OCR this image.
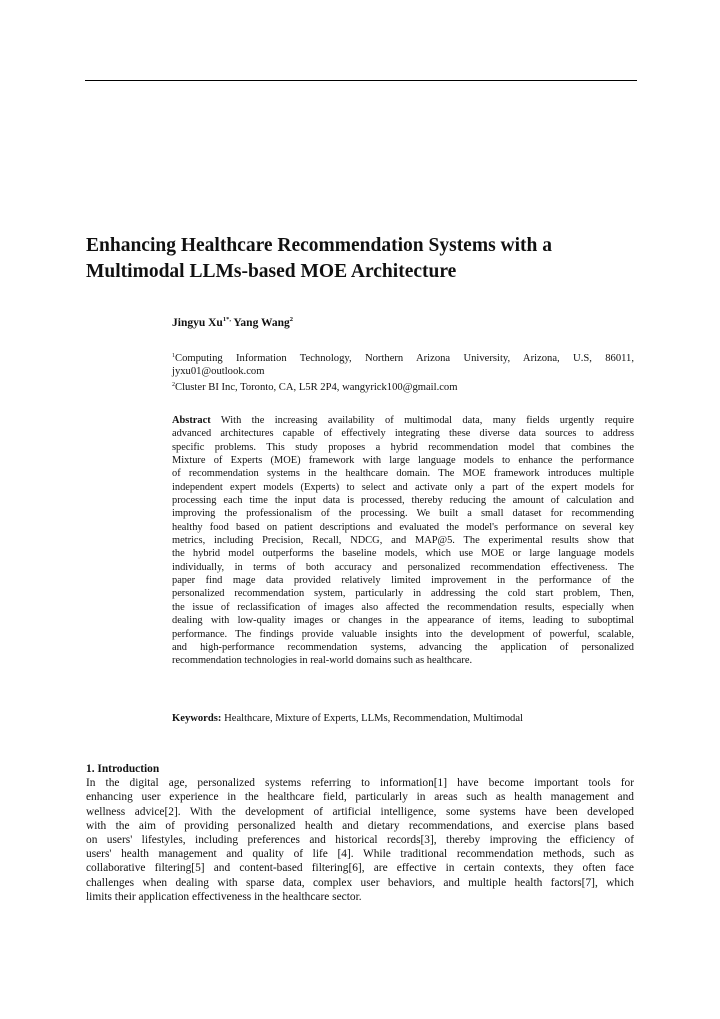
Enhancing Healthcare Recommendation Systems with a
Multimodal LLMs-based MOE Architecture
Jingyu $Xu^{1*,}$ Yang Wang$^2$
$^1$Computing Information Technology, Northern Arizona University, Arizona, U.S, 86011,
jyxu01@outlook.com
$^2$Cluster BI Inc, Toronto, CA, L5R 2P4, wangyrick100@gmail.com
Abstract With the increasing availability of multimodal data, many fields urgently require
advanced architectures capable of effectively integrating these diverse data sources to address
specific problems. This study proposes a hybrid recommendation model that combines the
Mixture of Experts (MOE) framework with large language models to enhance the performance
of recommendation systems in the healthcare domain. The MOE framework introduces multiple
independent expert models (Experts) to select and activate only a part of the expert models for
processing each time the input data is processed, thereby reducing the amount of calculation and
improving the professionalism of the processing. We built a small dataset for recommending
healthy food based on patient descriptions and evaluated the model's performance on several key
metrics, including Precision, Recall, NDCG, and MAP@5. The experimental results show that
the hybrid model outperforms the baseline models, which use MOE or large language models
individually, in terms of both accuracy and personalized recommendation effectiveness. The
paper find mage data provided relatively limited improvement in the performance of the
personalized recommendation system, particularly in addressing the cold start problem, Then,
the issue of reclassification of images also affected the recommendation results, especially when
dealing with low-quality images or changes in the appearance of items, leading to suboptimal
performance. The findings provide valuable insights into the development of powerful, scalable,
and high-performance recommendation systems, advancing the application of personalized
recommendation technologies in real-world domains such as healthcare.
Keywords: Healthcare, Mixture of Experts, LLMs, Recommendation, Multimodal
1. Introduction
In the digital age, personalized systems referring to information[1] have become important tools for
enhancing user experience in the healthcare field, particularly in areas such as health management and
wellness advice[2]. With the development of artificial intelligence, some systems have been developed
with the aim of providing personalized health and dietary recommendations, and exercise plans based
on users' lifestyles, including preferences and historical records[3], thereby improving the efficiency of
users' health management and quality of life [4]. While traditional recommendation methods, such as
collaborative filtering[5] and content-based filtering[6], are effective in certain contexts, they often face
challenges when dealing with sparse data, complex user behaviors, and multiple health factors[7], which
limits their application effectiveness in the healthcare sector.
